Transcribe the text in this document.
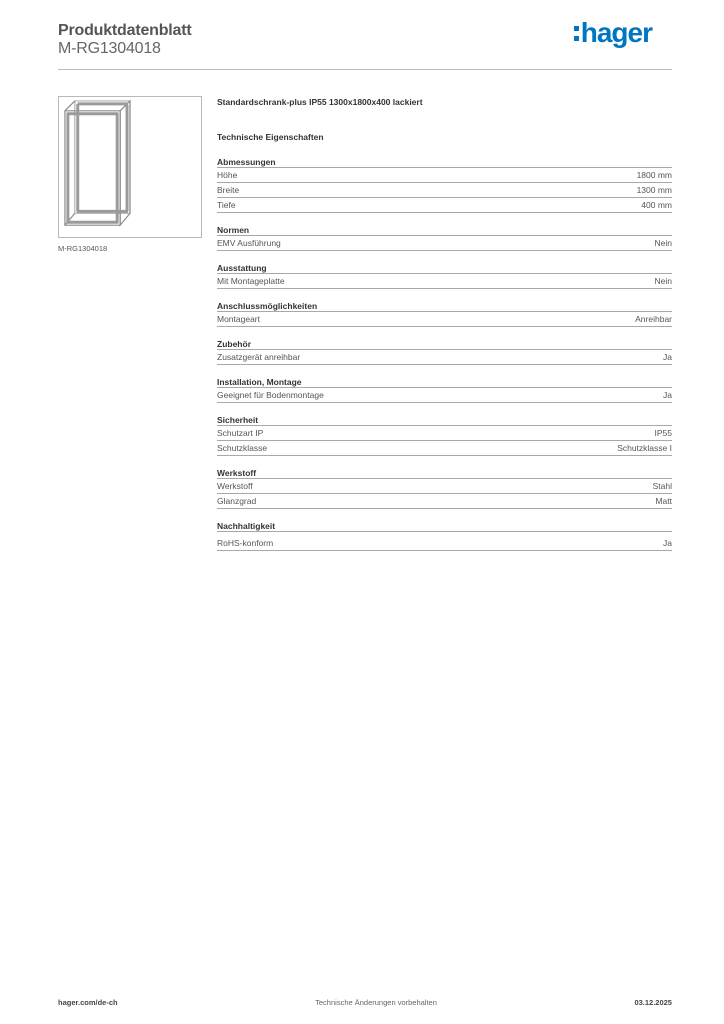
Produktdatenblatt
M-RG1304018
hager
M-RG1304018
Standardschrank-plus IP55 1300x1800x400 lackiert
Technische Eigenschaften
Abmessungen
Höhe	1800 mm
Breite	1300 mm
Tiefe	400 mm
Normen
EMV Ausführung	Nein
Ausstattung
Mit Montageplatte	Nein
Anschlussmöglichkeiten
Montageart	Anreihbar
Zubehör
Zusatzgerät anreihbar	Ja
Installation, Montage
Geeignet für Bodenmontage	Ja
Sicherheit
Schutzart IP	IP55
Schutzklasse	Schutzklasse I
Werkstoff
Werkstoff	Stahl
Glanzgrad	Matt
Nachhaltigkeit
RoHS-konform	Ja
hager.com/de-ch	Technische Änderungen vorbehalten	03.12.2025
